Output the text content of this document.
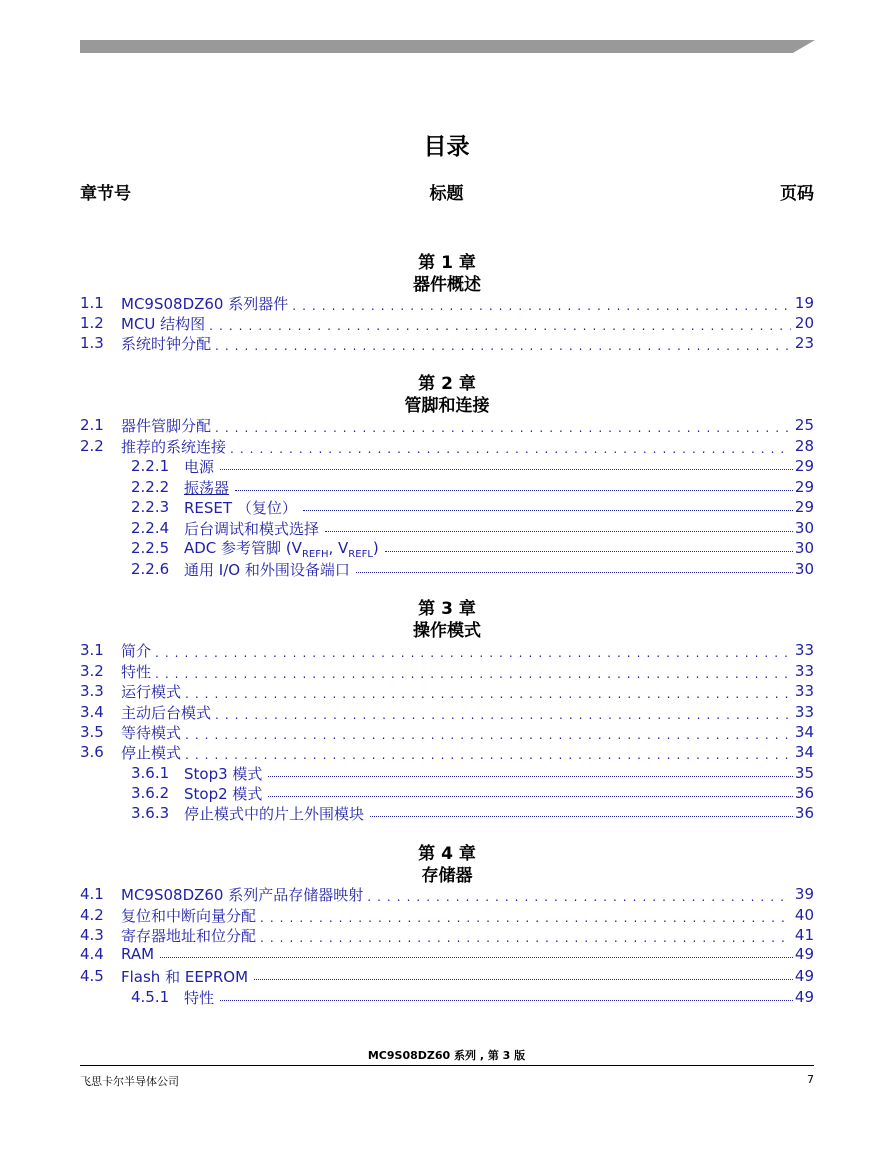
目录
章节号	标题	页码
第 1 章
器件概述
1.1	MC9S08DZ60 系列器件 . . .	19
1.2	MCU 结构图 . . .	20
1.3	系统时钟分配 . . .	23
第 2 章
管脚和连接
2.1	器件管脚分配 . . .	25
2.2	推荐的系统连接 . . .	28
2.2.1 电源	29
2.2.2 振荡器	29
2.2.3 RESET （复位）	29
2.2.4 后台调试和模式选择	30
2.2.5 ADC 参考管脚 ($V_{REFH}$, $V_{REFL}$)	30
2.2.6 通用 I/O 和外围设备端口	30
第 3 章
操作模式
3.1	简介 . . .	33
3.2	特性 . . .	33
3.3	运行模式 . . .	33
3.4	主动后台模式 . . .	33
3.5	等待模式 . . .	34
3.6	停止模式 . . .	34
3.6.1 Stop3 模式	35
3.6.2 Stop2 模式	36
3.6.3 停止模式中的片上外围模块	36
第 4 章
存储器
4.1	MC9S08DZ60 系列产品存储器映射 . . .	39
4.2	复位和中断向量分配 . . .	40
4.3	寄存器地址和位分配 . . .	41
4.4	RAM	49
4.5	Flash 和 EEPROM	49
4.5.1 特性	49
MC9S08DZ60 系列 , 第 3 版
飞思卡尔半导体公司	7
